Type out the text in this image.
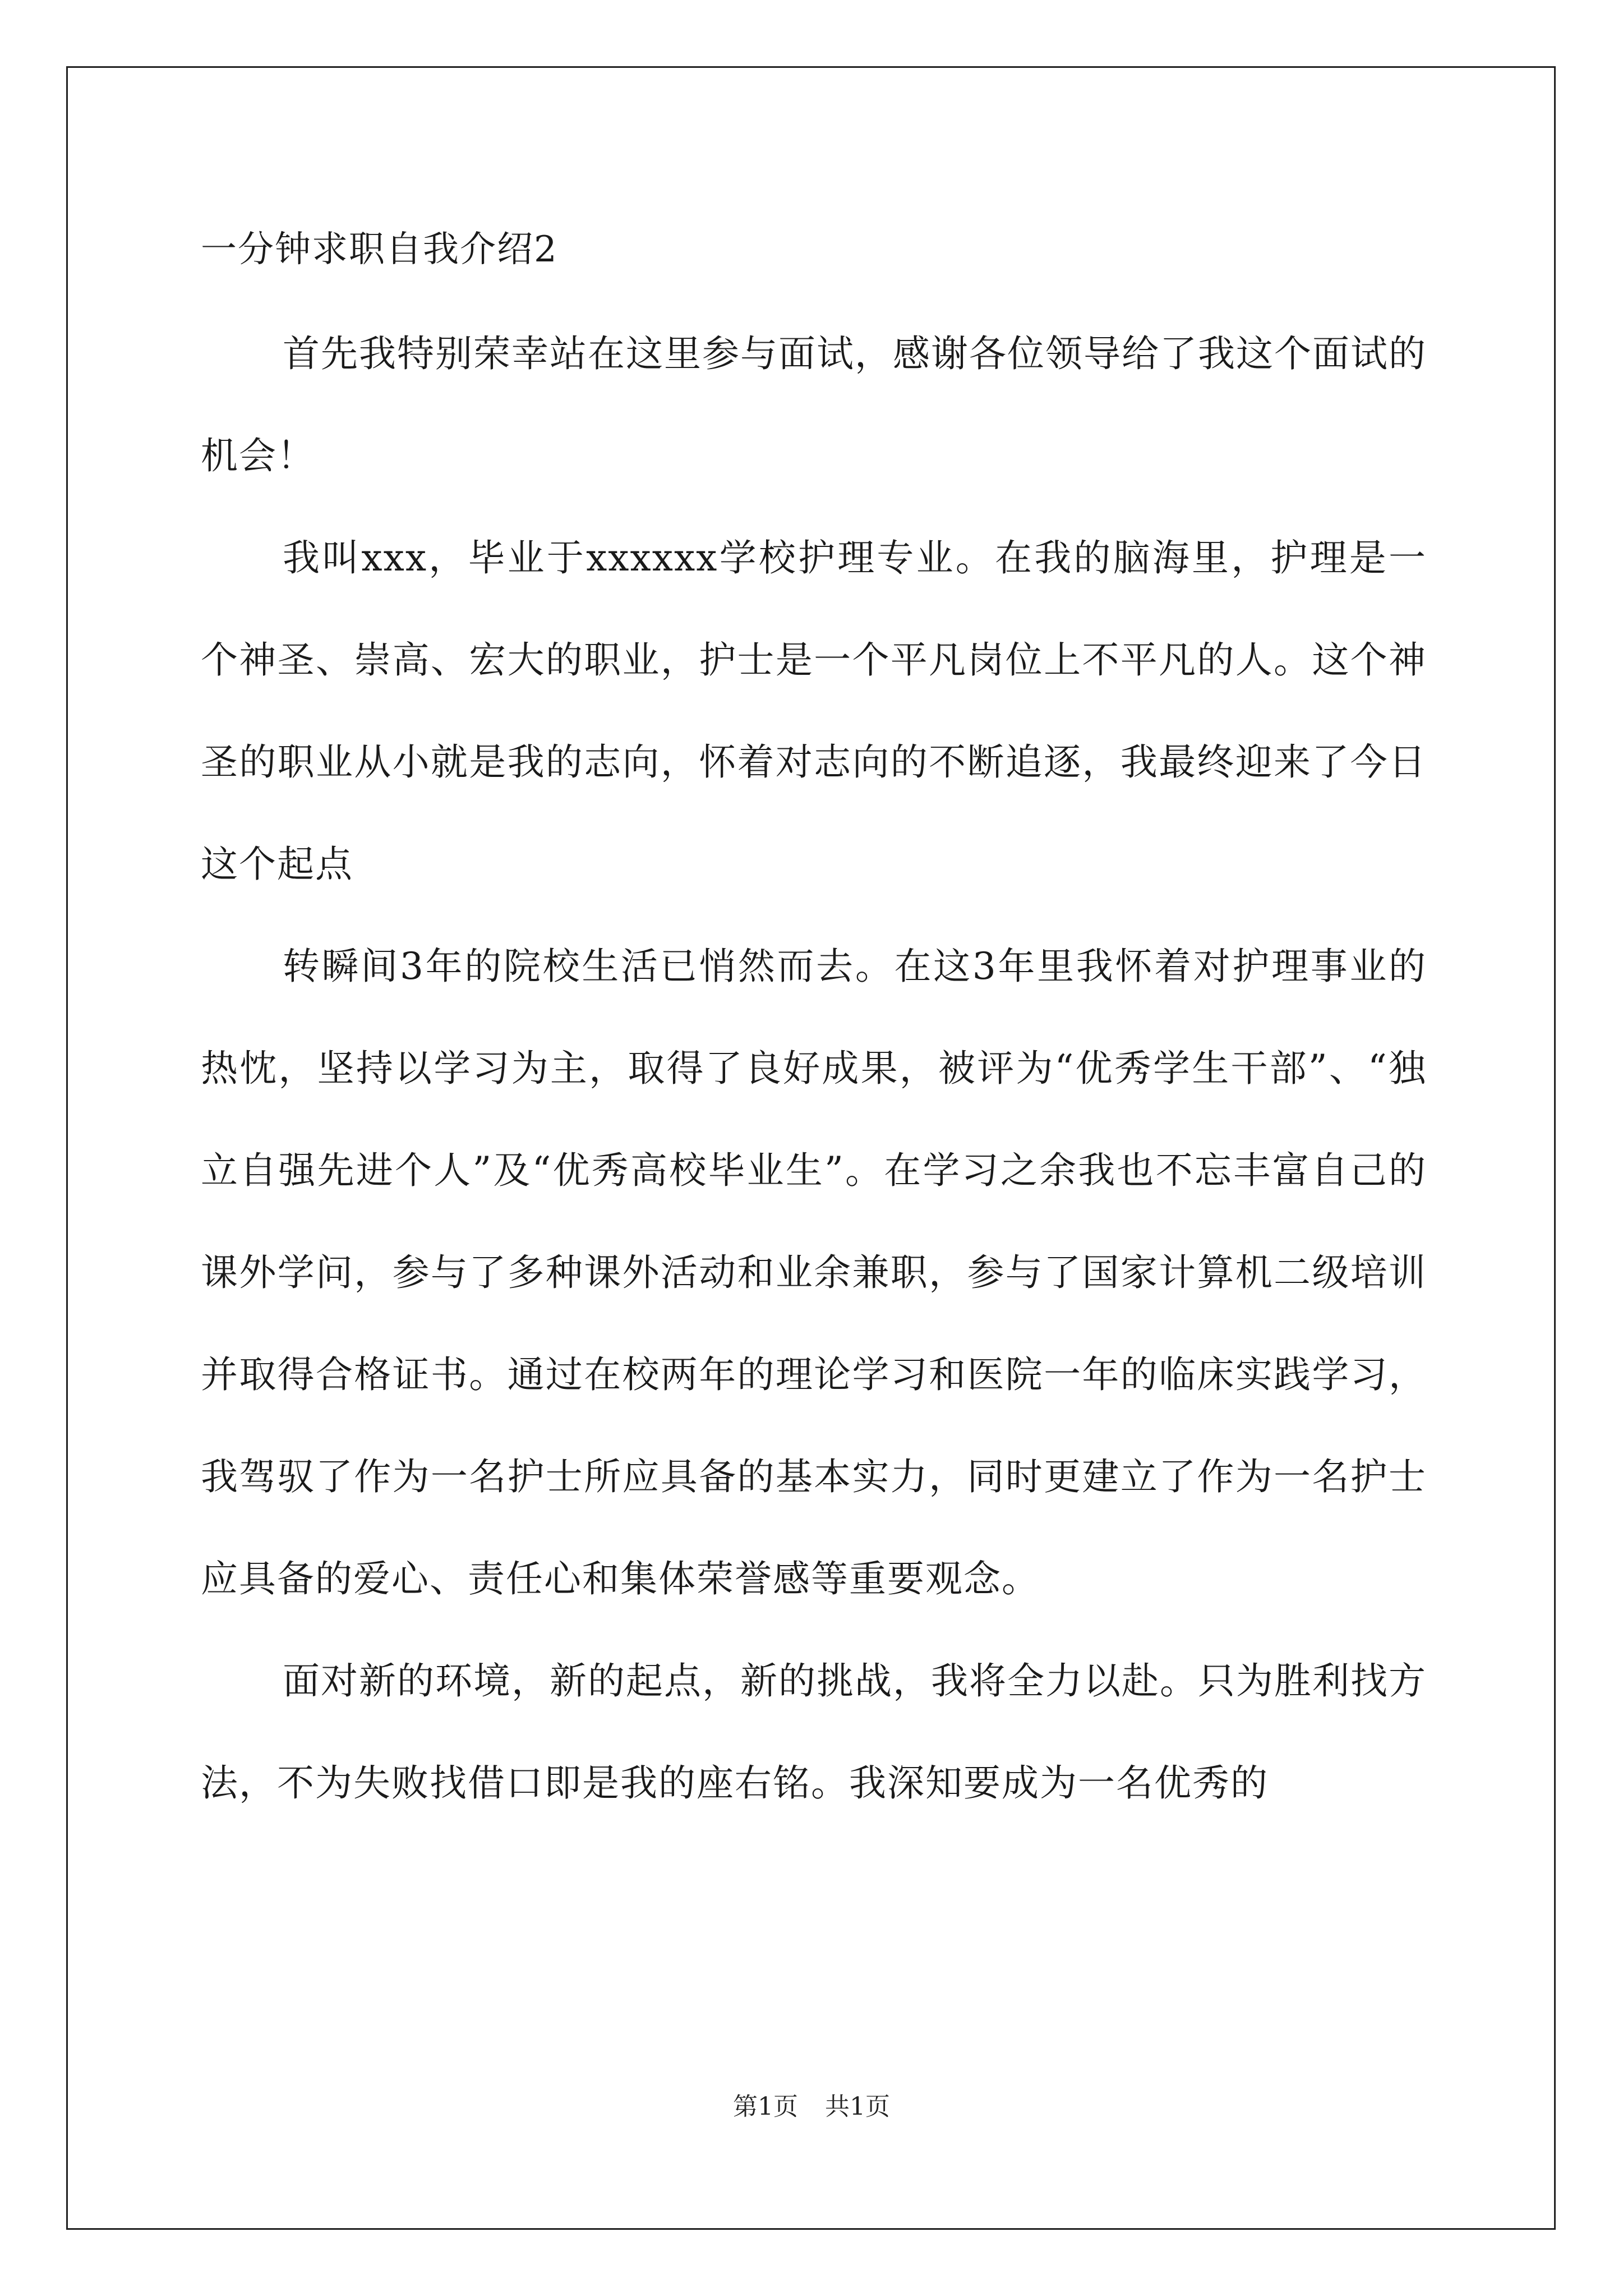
一分钟求职自我介绍2

首先我特别荣幸站在这里参与面试，感谢各位领导给了我这个面试的机会！

我叫xxx，毕业于xxxxxx学校护理专业。在我的脑海里，护理是一个神圣、崇高、宏大的职业，护士是一个平凡岗位上不平凡的人。这个神圣的职业从小就是我的志向，怀着对志向的不断追逐，我最终迎来了今日这个起点

转瞬间3年的院校生活已悄然而去。在这3年里我怀着对护理事业的热忱，坚持以学习为主，取得了良好成果，被评为“优秀学生干部”、“独立自强先进个人”及“优秀高校毕业生”。在学习之余我也不忘丰富自己的课外学问，参与了多种课外活动和业余兼职，参与了国家计算机二级培训并取得合格证书。通过在校两年的理论学习和医院一年的临床实践学习，我驾驭了作为一名护士所应具备的基本实力，同时更建立了作为一名护士应具备的爱心、责任心和集体荣誉感等重要观念。

面对新的环境，新的起点，新的挑战，我将全力以赴。只为胜利找方法，不为失败找借口即是我的座右铭。我深知要成为一名优秀的

第1页 共1页
